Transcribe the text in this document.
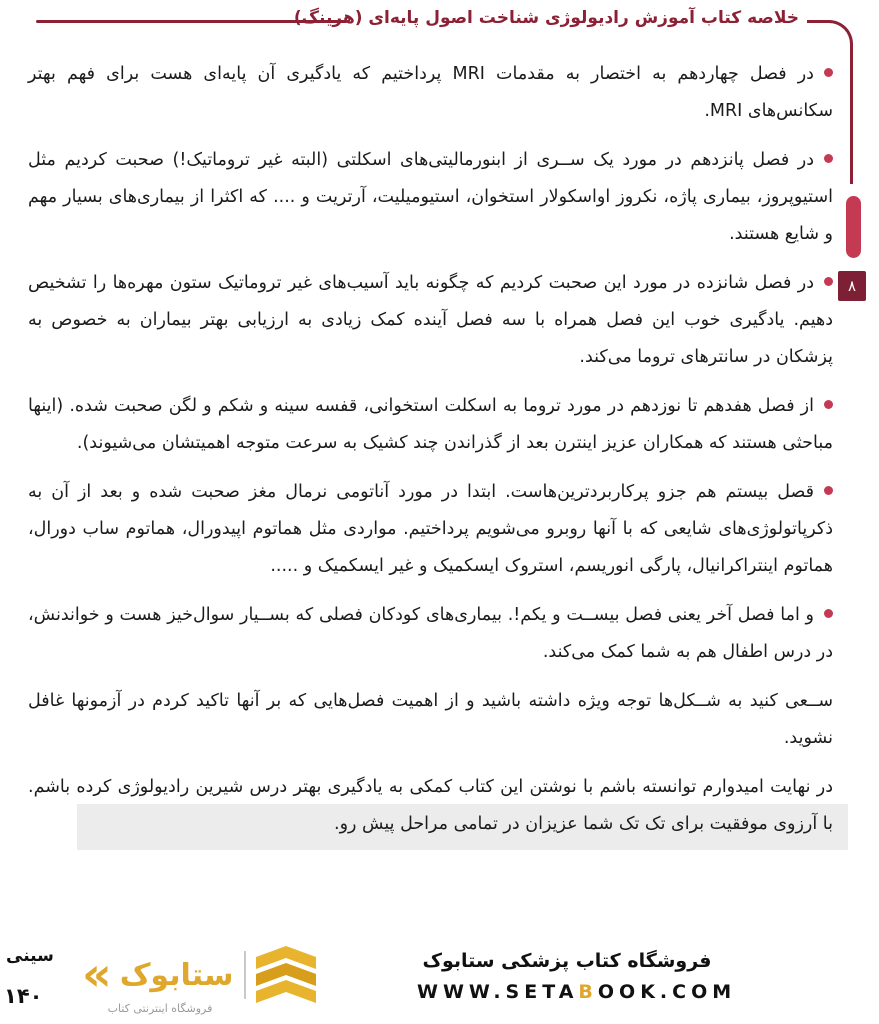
خلاصه کتاب آموزش رادیولوژی شناخت اصول پایه‌ای (هرینگ)
۸
در فصل چهاردهم به اختصار به مقدمات MRI پرداختیم که یادگیری آن پایه‌ای هست برای فهم بهتر سکانس‌های MRI.
در فصل پانزدهم در مورد یک ســری از ابنورمالیتی‌های اسکلتی (البته غیر تروماتیک!) صحبت کردیم مثل استیوپروز، بیماری پاژه، نکروز اواسکولار استخوان، استیومیلیت، آرتریت و .... که اکثرا از بیماری‌های بسیار مهم و شایع هستند.
در فصل شانزده در مورد این صحبت کردیم که چگونه باید آسیب‌های غیر تروماتیک ستون مهره‌ها را تشخیص دهیم. یادگیری خوب این فصل همراه با سه فصل آینده کمک زیادی به ارزیابی بهتر بیماران به خصوص به پزشکان در سانترهای تروما می‌کند.
از فصل هفدهم تا نوزدهم در مورد تروما به اسکلت استخوانی، قفسه سینه و شکم و لگن صحبت شده. (اینها مباحثی هستند که همکاران عزیز اینترن بعد از گذراندن چند کشیک به سرعت متوجه اهمیتشان می‌شیوند).
قصل بیستم هم جزو پرکاربردترین‌هاست. ابتدا در مورد آناتومی نرمال مغز صحبت شده و بعد از آن به ذکرپاتولوژی‌های شایعی که با آنها روبرو می‌شویم پرداختیم. مواردی مثل هماتوم اپیدورال، هماتوم ساب دورال، هماتوم اینتراکرانیال، پارگی انوریسم، استروک ایسکمیک و غیر ایسکمیک و .....
و اما فصل آخر یعنی فصل بیســت و یکم!. بیماری‌های کودکان فصلی که بســیار سوال‌خیز هست و خواندنش، در درس اطفال هم به شما کمک می‌کند.
ســعی کنید به شــکل‌ها توجه ویژه داشته باشید و از اهمیت فصل‌هایی که بر آنها تاکید کردم در آزمونها غافل نشوید.
در نهایت امیدوارم توانسته باشم با نوشتن این کتاب کمکی به یادگیری بهتر درس شیرین رادیولوژی کرده باشم. با آرزوی موفقیت برای تک تک شما عزیزان در تمامی مراحل پیش رو.
سینی
۱۴۰ « ستابوک
فروشگاه اینترنتی کتاب
فروشگاه کتاب پزشکی ستابوک
WWW.SETABOOK.COM
